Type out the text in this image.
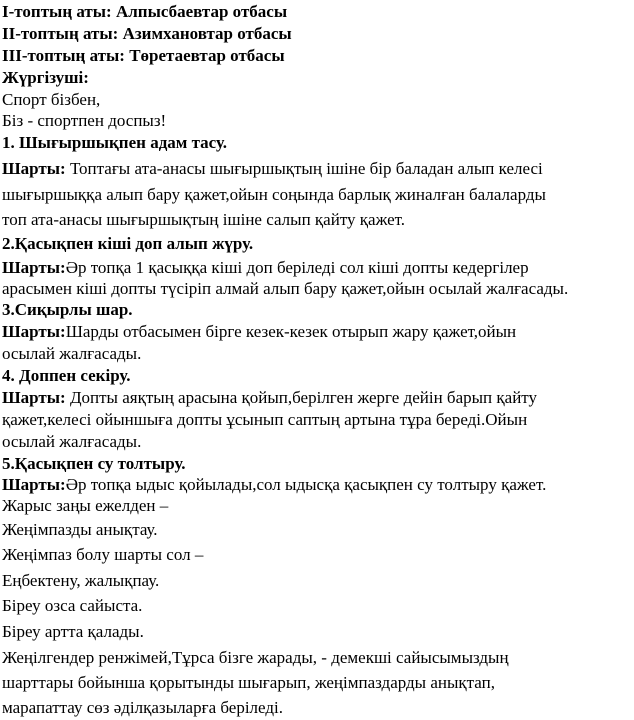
I-топтың аты: Алпысбаевтар отбасы
ІІ-топтың аты: Азимхановтар отбасы
ІІІ-топтың аты: Төретаевтар отбасы
Жүргізуші:
Спорт бізбен,
Біз - спортпен доспыз!
1. Шығыршықпен адам тасу.
Шарты: Топтағы ата-анасы шығыршықтың ішіне бір баладан алып келесі
шығыршыққа алып бару қажет,ойын соңында барлық жиналған балаларды
топ ата-анасы шығыршықтың ішіне салып қайту қажет.
2.Қасықпен кіші доп алып жүру.
Шарты:Әр топқа 1 қасыққа кіші доп беріледі сол кіші допты кедергілер
арасымен кіші допты түсіріп алмай алып бару қажет,ойын осылай жалғасады.
3.Сиқырлы шар.
Шарты:Шарды отбасымен бірге кезек-кезек отырып жару қажет,ойын
осылай жалғасады.
4. Доппен секіру.
Шарты: Допты аяқтың арасына қойып,берілген жерге дейін барып қайту
қажет,келесі ойыншыға допты ұсынып саптың артына тұра береді.Ойын
осылай жалғасады.
5.Қасықпен су толтыру.
Шарты:Әр топқа ыдыс қойылады,сол ыдысқа қасықпен су толтыру қажет.
Жарыс заңы ежелден –
Жеңімпазды анықтау.
Жеңімпаз болу шарты сол –
Еңбектену, жалықпау.
Біреу озса сайыста.
Біреу артта қалады.
Жеңілгендер ренжімей,Тұрса бізге жарады, - демекші сайысымыздың
шарттары бойынша қорытынды шығарып, жеңімпаздарды анықтап,
марапаттау сөз әділқазыларға беріледі.
